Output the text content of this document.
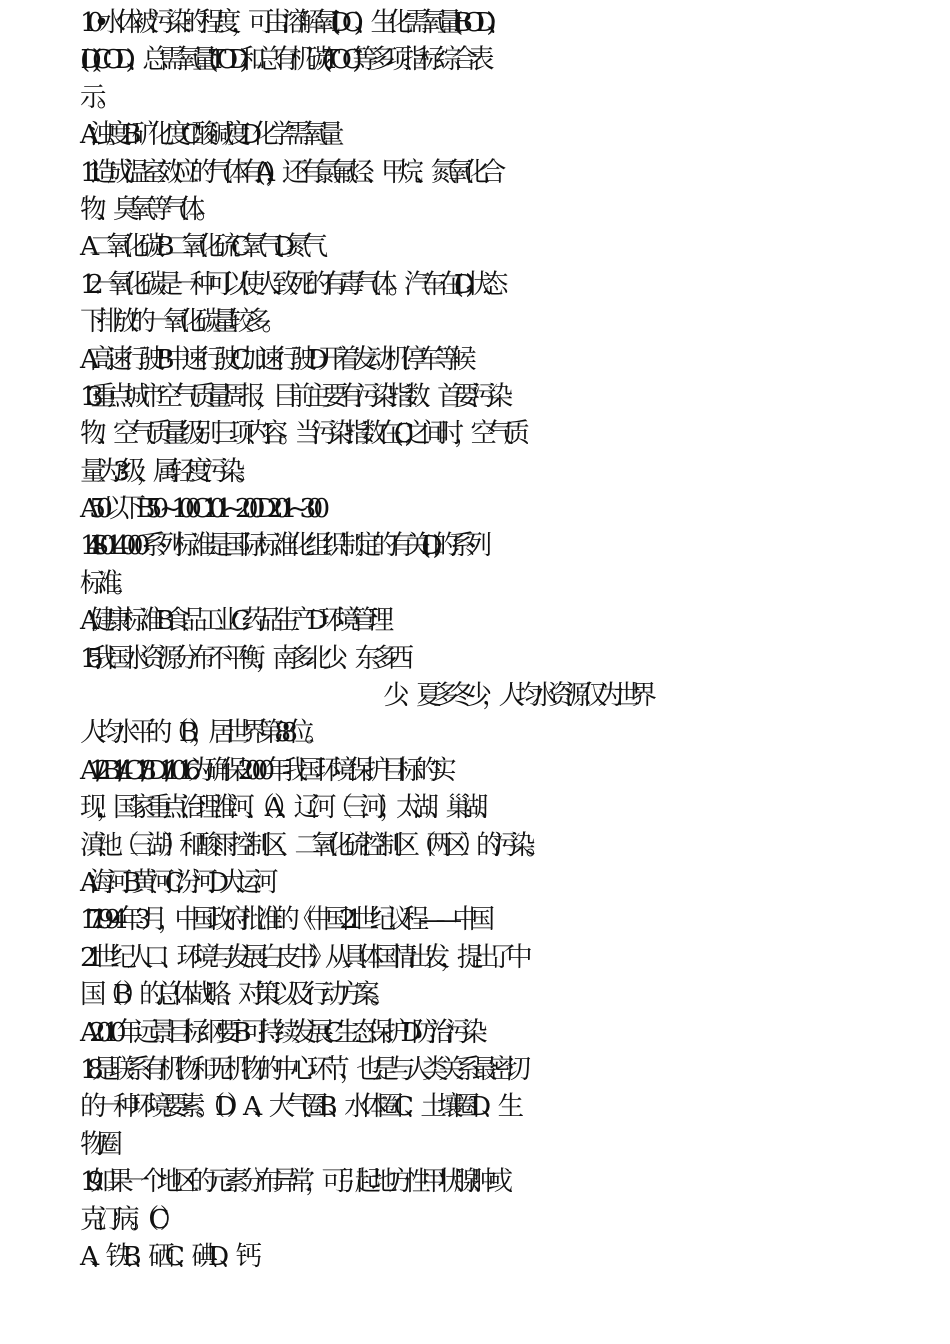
10•水体被污染的程度，可由溶解氧(DO)、生化需氧量(BOD)、
(D)(COD)、总需氧量(TOD)和总有机碳(TOC)等多项指标综合表
示。
A浊度B矿化度C酸碱度D化学需氧量
11. 造成温室效应的气体有(A)，还有氯氟烃、甲烷、氮氧化合
物、臭氧等气体。
A二氧化碳B二氧化硫C氧气D氮气
12. 一氧化碳是一种可以使人致死的有毒气体。汽车在(D)状态
下排放的一氧化碳量较多。
A高速行驶B中速行驶C加速行驶D开着发动机停车等候
13. 重点城市空气质量周报，目前主要有污染指数、首要污染
物、空气质量级别三项内容。当污染指数在(C)之间时，空气质
量为3级，属轻度污染。
A50以下B50~100C101~200D201~300
14. IS014000系列标准是国际标准化组织制定的有关(D)的系列
标准。
A健康标准B食品工业C药品生产D环境管理
15. 我国水资源分布不平衡，南多北少、东多西
少、夏多冬少，人均水资源仅为世界
人均水平的（B），居世界第88位。
A1/2B1/4C1/8D1/1016. 为确保2000年我国环境保护目标的实
现，国家重点治理淮河、（A）、辽河（三河），太湖、巢湖、
滇池（三湖）和酸雨控制区、二氧化硫控制区（两区）的污染。
A海河B黄河C汾河D大运河
17. 1994年3月，中国政府批准的《中国21世纪议程——中国
21世纪人口、环境与发展白皮书》从具体国情出发，提出了中
国（B）的总体战略、对策以及行动方案。
A2010年远景目标纲要B可持续发展C生态保护D防治污染
18.是联系有机物和无机物的中心环节，也是与人类关系最密切
的一种环境要素。（D）A、大气圈B、水体圈C、土壤圈D、生
物圈
19. 如果一个地区的元素分布异常，可引起地方性甲状腺肿或
克汀病。（C）
A、铁B、硒C、碘D、钙
